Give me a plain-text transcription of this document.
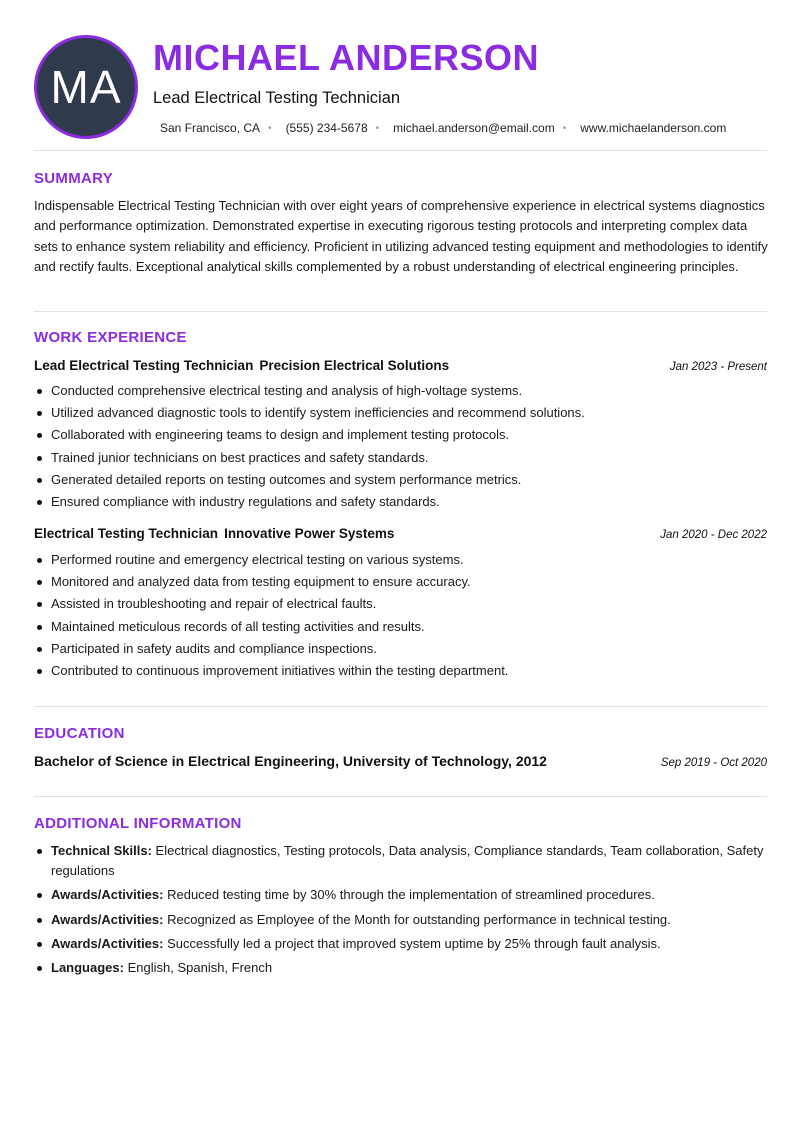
MA
MICHAEL ANDERSON
Lead Electrical Testing Technician
San Francisco, CA • (555) 234-5678 • michael.anderson@email.com • www.michaelanderson.com
SUMMARY
Indispensable Electrical Testing Technician with over eight years of comprehensive experience in electrical systems diagnostics and performance optimization. Demonstrated expertise in executing rigorous testing protocols and interpreting complex data sets to enhance system reliability and efficiency. Proficient in utilizing advanced testing equipment and methodologies to identify and rectify faults. Exceptional analytical skills complemented by a robust understanding of electrical engineering principles.
WORK EXPERIENCE
Lead Electrical Testing Technician Precision Electrical Solutions	Jan 2023 - Present
Conducted comprehensive electrical testing and analysis of high-voltage systems.
Utilized advanced diagnostic tools to identify system inefficiencies and recommend solutions.
Collaborated with engineering teams to design and implement testing protocols.
Trained junior technicians on best practices and safety standards.
Generated detailed reports on testing outcomes and system performance metrics.
Ensured compliance with industry regulations and safety standards.
Electrical Testing Technician Innovative Power Systems	Jan 2020 - Dec 2022
Performed routine and emergency electrical testing on various systems.
Monitored and analyzed data from testing equipment to ensure accuracy.
Assisted in troubleshooting and repair of electrical faults.
Maintained meticulous records of all testing activities and results.
Participated in safety audits and compliance inspections.
Contributed to continuous improvement initiatives within the testing department.
EDUCATION
Bachelor of Science in Electrical Engineering, University of Technology, 2012	Sep 2019 - Oct 2020
ADDITIONAL INFORMATION
Technical Skills: Electrical diagnostics, Testing protocols, Data analysis, Compliance standards, Team collaboration, Safety regulations
Awards/Activities: Reduced testing time by 30% through the implementation of streamlined procedures.
Awards/Activities: Recognized as Employee of the Month for outstanding performance in technical testing.
Awards/Activities: Successfully led a project that improved system uptime by 25% through fault analysis.
Languages: English, Spanish, French
